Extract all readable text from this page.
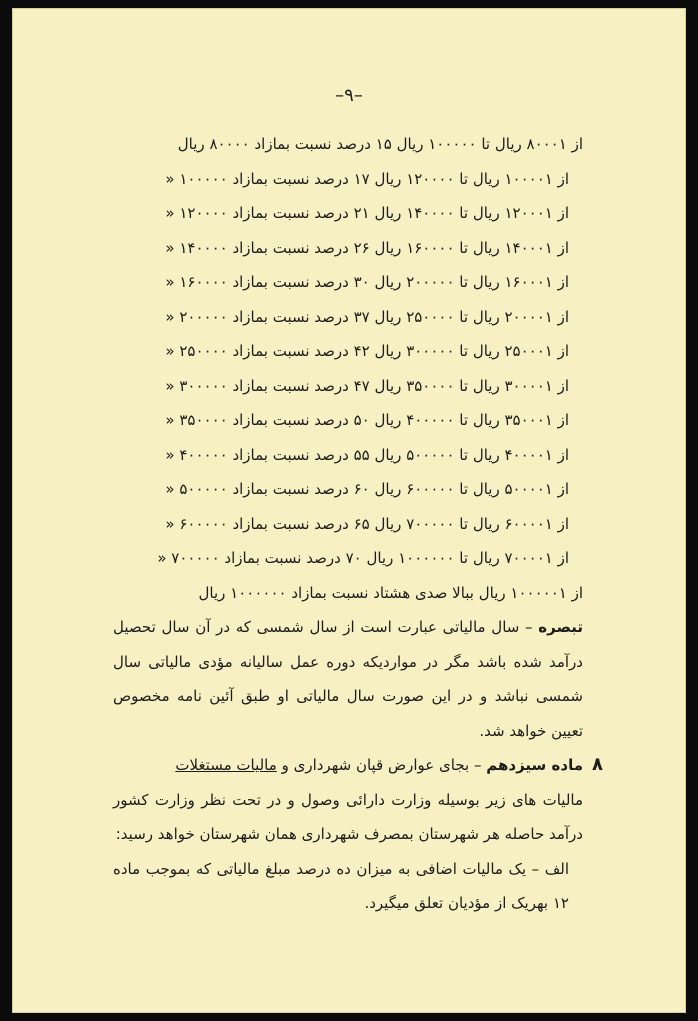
–۹–
از ۸۰۰۰۱ ریال تا ۱۰۰۰۰۰ ریال ۱۵ درصد نسبت بمازاد ۸۰۰۰۰ ریال
از ۱۰۰۰۰۱ ریال تا ۱۲۰۰۰۰ ریال ۱۷ درصد نسبت بمازاد ۱۰۰۰۰۰ «
از ۱۲۰۰۰۱ ریال تا ۱۴۰۰۰۰ ریال ۲۱ درصد نسبت بمازاد ۱۲۰۰۰۰ «
از ۱۴۰۰۰۱ ریال تا ۱۶۰۰۰۰ ریال ۲۶ درصد نسبت بمازاد ۱۴۰۰۰۰ «
از ۱۶۰۰۰۱ ریال تا ۲۰۰۰۰۰ ریال ۳۰ درصد نسبت بمازاد ۱۶۰۰۰۰ «
از ۲۰۰۰۰۱ ریال تا ۲۵۰۰۰۰ ریال ۳۷ درصد نسبت بمازاد ۲۰۰۰۰۰ «
از ۲۵۰۰۰۱ ریال تا ۳۰۰۰۰۰ ریال ۴۲ درصد نسبت بمازاد ۲۵۰۰۰۰ «
از ۳۰۰۰۰۱ ریال تا ۳۵۰۰۰۰ ریال ۴۷ درصد نسبت بمازاد ۳۰۰۰۰۰ «
از ۳۵۰۰۰۱ ریال تا ۴۰۰۰۰۰ ریال ۵۰ درصد نسبت بمازاد ۳۵۰۰۰۰ «
از ۴۰۰۰۰۱ ریال تا ۵۰۰۰۰۰ ریال ۵۵ درصد نسبت بمازاد ۴۰۰۰۰۰ «
از ۵۰۰۰۰۱ ریال تا ۶۰۰۰۰۰ ریال ۶۰ درصد نسبت بمازاد ۵۰۰۰۰۰ «
از ۶۰۰۰۰۱ ریال تا ۷۰۰۰۰۰ ریال ۶۵ درصد نسبت بمازاد ۶۰۰۰۰۰ «
از ۷۰۰۰۰۱ ریال تا ۱۰۰۰۰۰۰ ریال ۷۰ درصد نسبت بمازاد ۷۰۰۰۰۰ «
از ۱۰۰۰۰۰۱ ریال ببالا صدی هشتاد نسبت بمازاد ۱۰۰۰۰۰۰ ریال
تبصره – سال مالیاتی عبارت است از سال شمسی که در آن سال تحصیل درآمد شده باشد مگر در مواردیکه دوره عمل سالیانه مؤدی مالیاتی سال شمسی نباشد و در این صورت سال مالیاتی او طبق آئین نامه مخصوص تعیین خواهد شد.
۸
ماده سیزدهم – بجای عوارض قپان شهرداری و مالیات مستغلات
مالیات های زیر بوسیله وزارت دارائی وصول و در تحت نظر وزارت کشور درآمد حاصله هر شهرستان بمصرف شهرداری همان شهرستان خواهد رسید:
الف – یک مالیات اضافی به میزان ده درصد مبلغ مالیاتی که بموجب ماده ۱۲ بهریک از مؤدیان تعلق میگیرد.
